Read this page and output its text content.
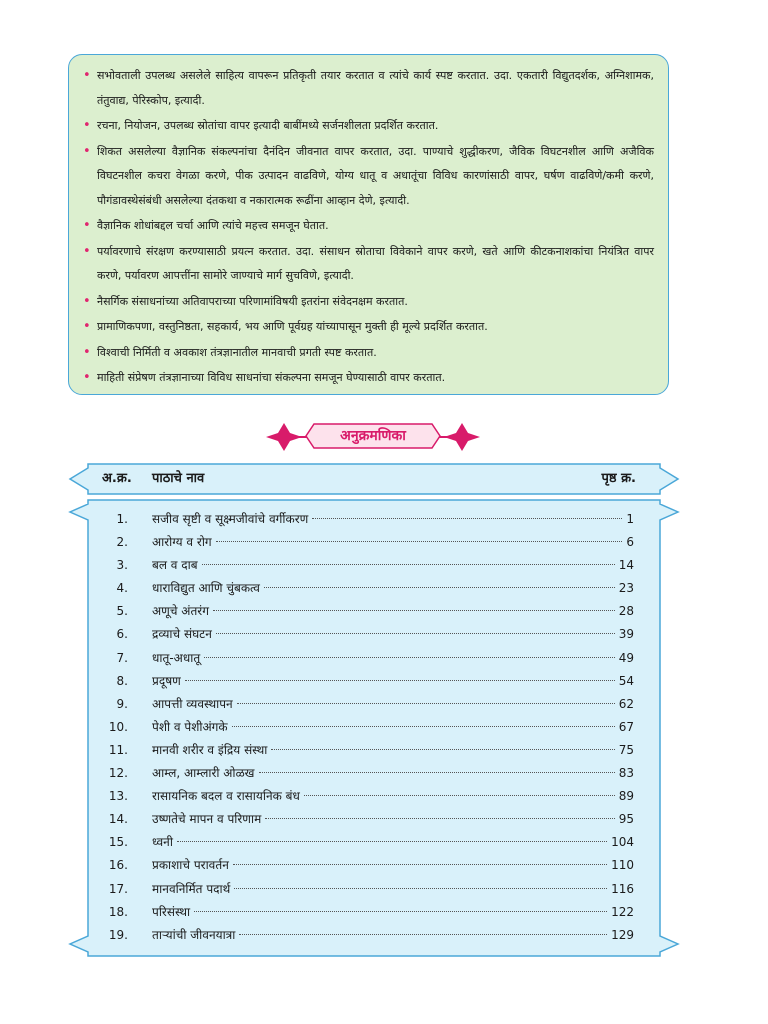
• सभोवताली उपलब्ध असलेले साहित्य वापरून प्रतिकृती तयार करतात व त्यांचे कार्य स्पष्ट करतात. उदा. एकतारी विद्युतदर्शक, अग्निशामक, तंतुवाद्य, पेरिस्कोप, इत्यादी.
• रचना, नियोजन, उपलब्ध स्रोतांचा वापर इत्यादी बाबींमध्ये सर्जनशीलता प्रदर्शित करतात.
• शिकत असलेल्या वैज्ञानिक संकल्पनांचा दैनंदिन जीवनात वापर करतात, उदा. पाण्याचे शुद्धीकरण, जैविक विघटनशील आणि अजैविक विघटनशील कचरा वेगळा करणे, पीक उत्पादन वाढविणे, योग्य धातू व अधातूंचा विविध कारणांसाठी वापर, घर्षण वाढविणे/कमी करणे, पौगंडावस्थेसंबंधी असलेल्या दंतकथा व नकारात्मक रूढींना आव्हान देणे, इत्यादी.
• वैज्ञानिक शोधांबद्दल चर्चा आणि त्यांचे महत्त्व समजून घेतात.
• पर्यावरणाचे संरक्षण करण्यासाठी प्रयत्न करतात. उदा. संसाधन स्रोताचा विवेकाने वापर करणे, खते आणि कीटकनाशकांचा नियंत्रित वापर करणे, पर्यावरण आपत्तींना सामोरे जाण्याचे मार्ग सुचविणे, इत्यादी.
• नैसर्गिक संसाधनांच्या अतिवापराच्या परिणामांविषयी इतरांना संवेदनक्षम करतात.
• प्रामाणिकपणा, वस्तुनिष्ठता, सहकार्य, भय आणि पूर्वग्रह यांच्यापासून मुक्ती ही मूल्ये प्रदर्शित करतात.
• विश्वाची निर्मिती व अवकाश तंत्रज्ञानातील मानवाची प्रगती स्पष्ट करतात.
• माहिती संप्रेषण तंत्रज्ञानाच्या विविध साधनांचा संकल्पना समजून घेण्यासाठी वापर करतात.
अनुक्रमणिका
अ.क्र. पाठाचे नाव	पृष्ठ क्र.
1. सजीव सृष्टी व सूक्ष्मजीवांचे वर्गीकरण	1
2. आरोग्य व रोग	6
3. बल व दाब	14
4. धाराविद्युत आणि चुंबकत्व	23
5. अणूचे अंतरंग	28
6. द्रव्याचे संघटन	39
7. धातू-अधातू	49
8. प्रदूषण	54
9. आपत्ती व्यवस्थापन	62
10. पेशी व पेशीअंगके	67
11. मानवी शरीर व इंद्रिय संस्था	75
12. आम्ल, आम्लारी ओळख	83
13. रासायनिक बदल व रासायनिक बंध	89
14. उष्णतेचे मापन व परिणाम	95
15. ध्वनी	104
16. प्रकाशाचे परावर्तन	110
17. मानवनिर्मित पदार्थ	116
18. परिसंस्था	122
19. ताऱ्यांची जीवनयात्रा	129
